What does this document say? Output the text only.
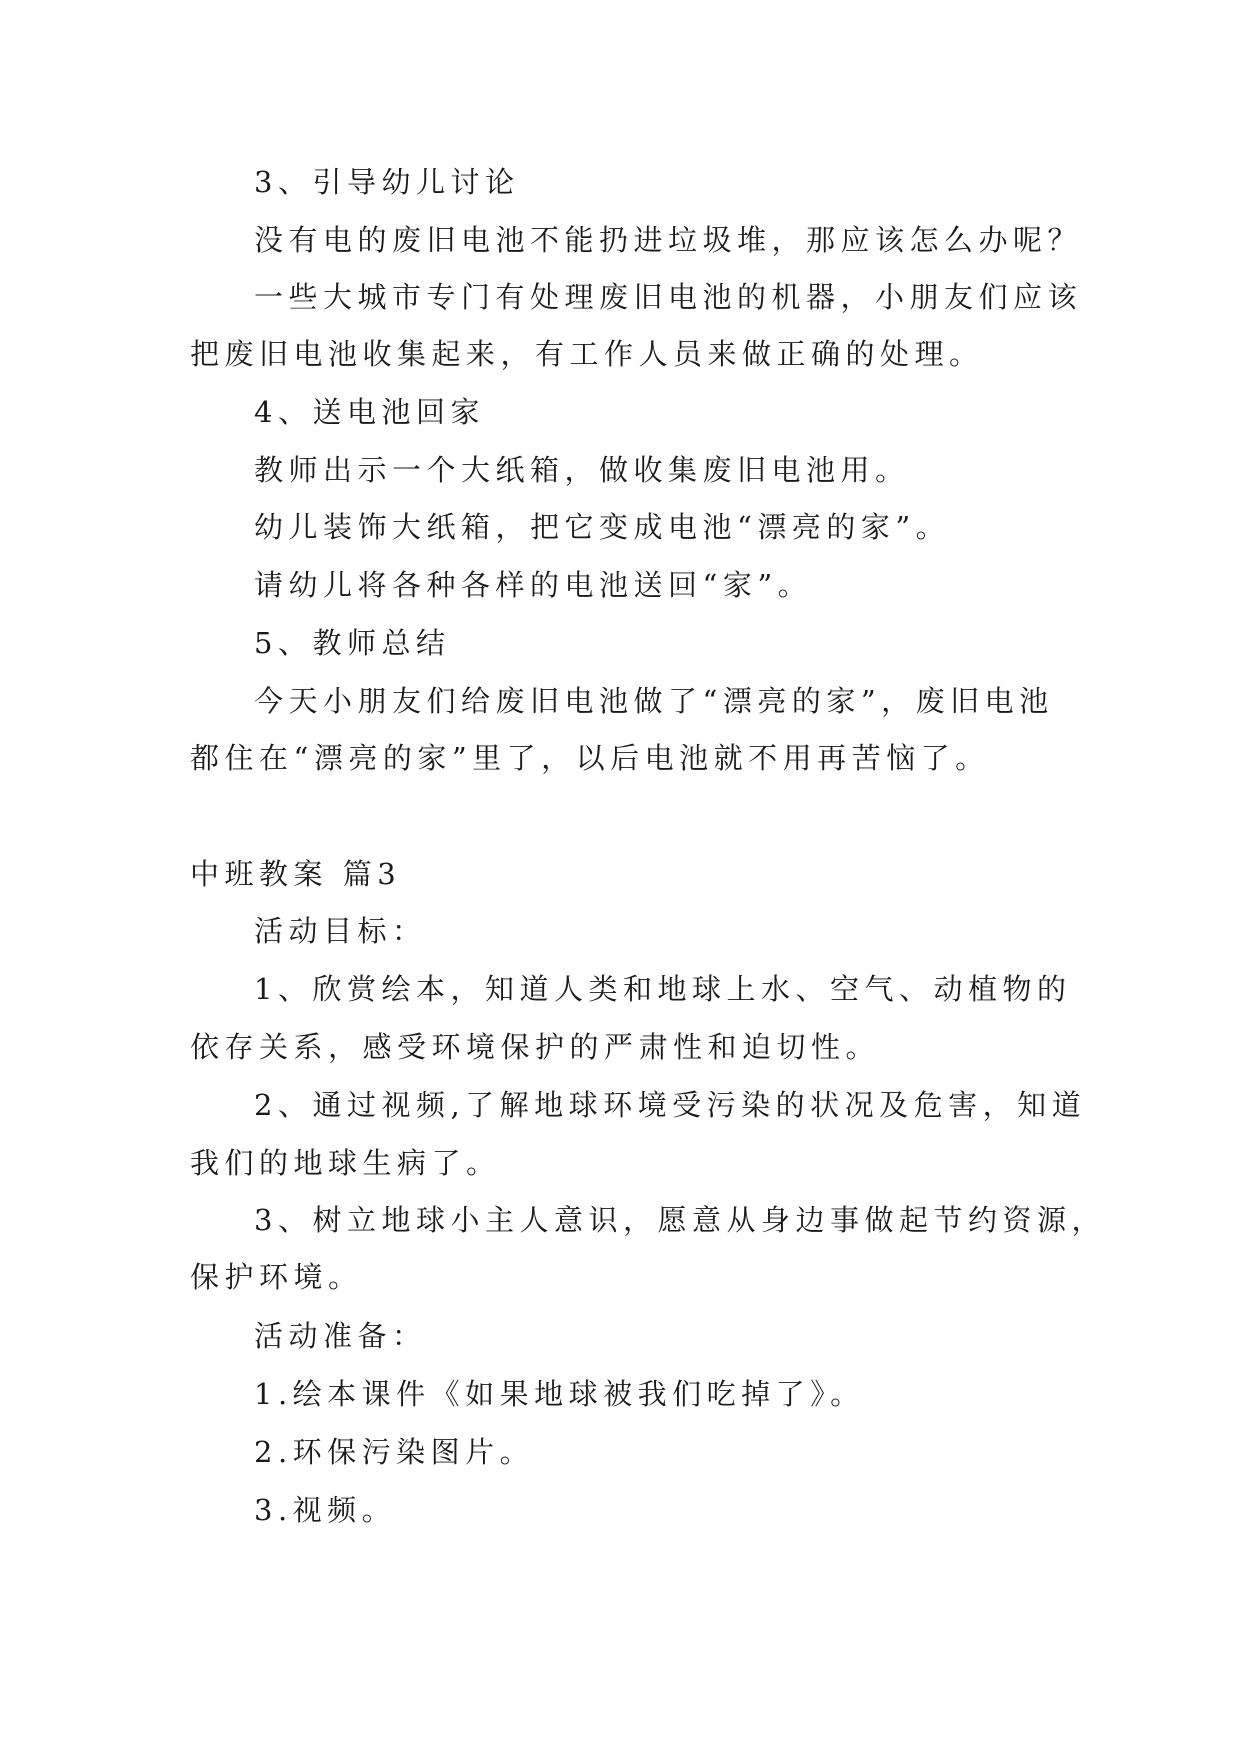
3、引导幼儿讨论
没有电的废旧电池不能扔进垃圾堆，那应该怎么办呢？
一些大城市专门有处理废旧电池的机器，小朋友们应该
把废旧电池收集起来，有工作人员来做正确的处理。
4、送电池回家
教师出示一个大纸箱，做收集废旧电池用。
幼儿装饰大纸箱，把它变成电池“漂亮的家”。
请幼儿将各种各样的电池送回“家”。
5、教师总结
今天小朋友们给废旧电池做了“漂亮的家”，废旧电池
都住在“漂亮的家”里了，以后电池就不用再苦恼了。
中班教案 篇3
活动目标：
1、欣赏绘本，知道人类和地球上水、空气、动植物的
依存关系，感受环境保护的严肃性和迫切性。
2、通过视频,了解地球环境受污染的状况及危害，知道
我们的地球生病了。
3、树立地球小主人意识，愿意从身边事做起节约资源，
保护环境。
活动准备：
1.绘本课件《如果地球被我们吃掉了》。
2.环保污染图片。
3.视频。
